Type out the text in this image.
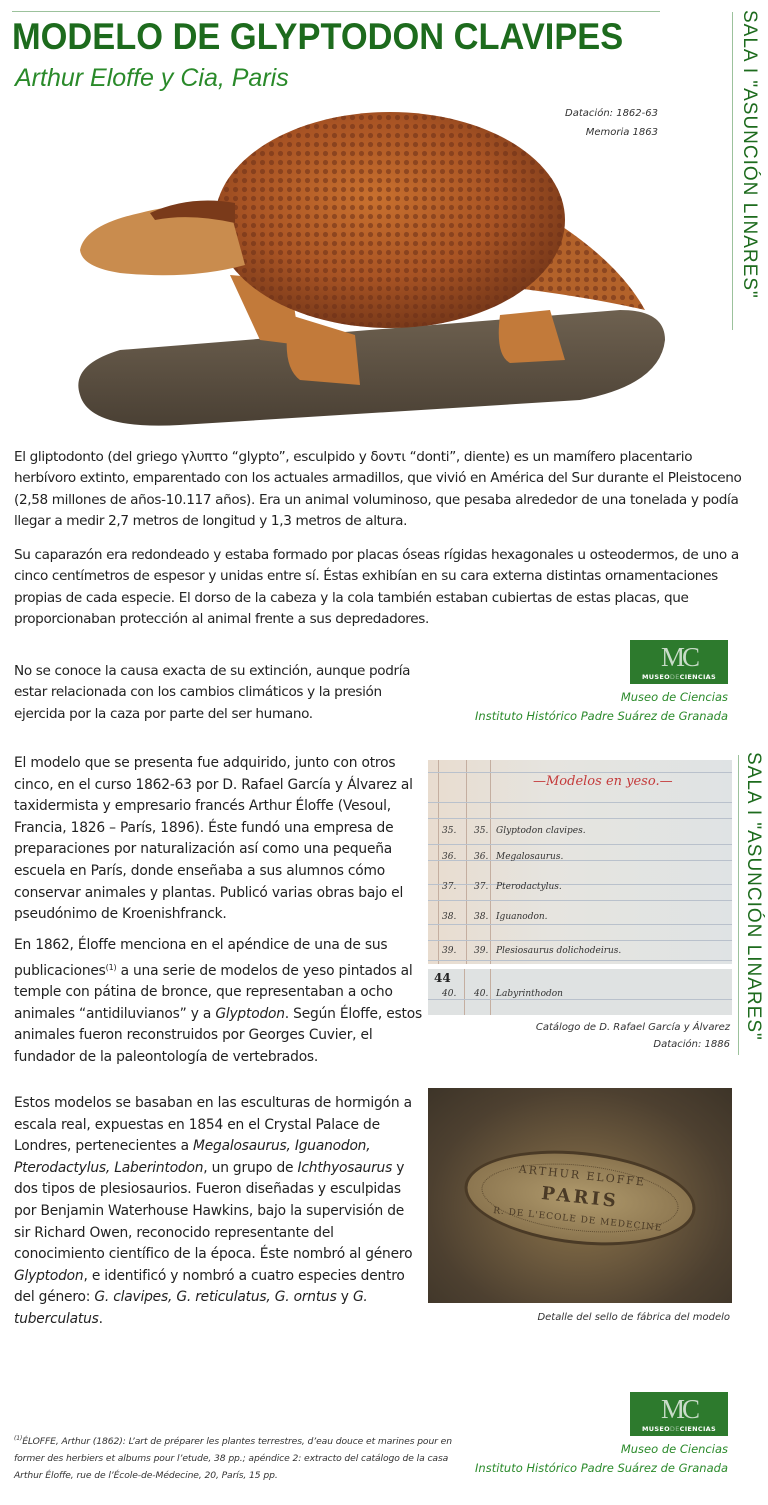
MODELO DE GLYPTODON CLAVIPES
Arthur Eloffe y Cia, Paris	SALA I "ASUNCIÓN LINARES"
SALA I "ASUNCIÓN LINARES"
Datación: 1862-63
Memoria 1863

El gliptodonto (del griego γλυπτο “glypto”, esculpido y δοντι “donti”, diente) es un mamífero placentario herbívoro extinto, emparentado con los actuales armadillos, que vivió en América del Sur durante el Pleistoceno (2,58 millones de años-10.117 años). Era un animal voluminoso, que pesaba alrededor de una tonelada y podía llegar a medir 2,7 metros de longitud y 1,3 metros de altura.

Su caparazón era redondeado y estaba formado por placas óseas rígidas hexagonales u osteodermos, de uno a cinco centímetros de espesor y unidas entre sí. Éstas exhibían en su cara externa distintas ornamentaciones propias de cada especie. El dorso de la cabeza y la cola también estaban cubiertas de estas placas, que proporcionaban protección al animal frente a sus depredadores.

No se conoce la causa exacta de su extinción, aunque podría estar relacionada con los cambios climáticos y la presión ejercida por la caza por parte del ser humano.

MC
MUSEODECIENCIAS
Museo de Ciencias
Instituto Histórico Padre Suárez de Granada

El modelo que se presenta fue adquirido, junto con otros cinco, en el curso 1862-63 por D. Rafael García y Álvarez al taxidermista y empresario francés Arthur Éloffe (Vesoul, Francia, 1826 – París, 1896). Éste fundó una empresa de preparaciones por naturalización así como una pequeña escuela en París, donde enseñaba a sus alumnos cómo conservar animales y plantas. Publicó varias obras bajo el pseudónimo de Kroenishfranck.

En 1862, Éloffe menciona en el apéndice de una de sus publicaciones$^{(1)}$ a una serie de modelos de yeso pintados al temple con pátina de bronce, que representaban a ocho animales “antidiluvianos” y a Glyptodon. Según Éloffe, estos animales fueron reconstruidos por Georges Cuvier, el fundador de la paleontología de vertebrados.

Estos modelos se basaban en las esculturas de hormigón a escala real, expuestas en 1854 en el Crystal Palace de Londres, pertenecientes a Megalosaurus, Iguanodon, Pterodactylus, Laberintodon, un grupo de Ichthyosaurus y dos tipos de plesiosaurios. Fueron diseñadas y esculpidas por Benjamin Waterhouse Hawkins, bajo la supervisión de sir Richard Owen, reconocido representante del conocimiento científico de la época. Éste nombró al género Glyptodon, e identificó y nombró a cuatro especies dentro del género: G. clavipes, G. reticulatus, G. orntus y G. tuberculatus.

—Modelos en yeso.—
35. 35. Glyptodon clavipes.
36. 36. Megalosaurus.
37. 37. Pterodactylus.
38. 38. Iguanodon.
39. 39. Plesiosaurus dolichodeirus.
44
40. 40. Labyrinthodon
Catálogo de D. Rafael García y Álvarez
Datación: 1886
ARTHUR ELOFFE
PARIS
R. DE L'ECOLE DE MEDECINE
Detalle del sello de fábrica del modelo

$^{(1)}$ÉLOFFE, Arthur (1862): L’art de préparer les plantes terrestres, d’eau douce et marines pour en former des herbiers et albums pour l’etude, 38 pp.; apéndice 2: extracto del catálogo de la casa Arthur Éloffe, rue de l’École-de-Médecine, 20, París, 15 pp.

MC
MUSEODECIENCIAS
Museo de Ciencias
Instituto Histórico Padre Suárez de Granada
